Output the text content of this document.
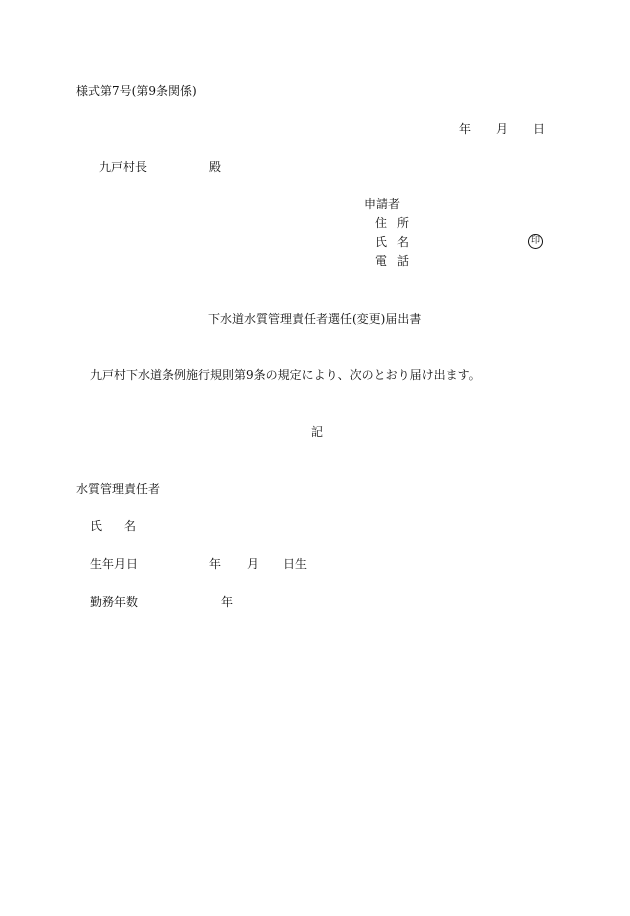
様式第7号(第9条関係)
年 月 日
九戸村長	殿
申請者
住所
氏名	印
電話
下水道水質管理責任者選任(変更)届出書
九戸村下水道条例施行規則第9条の規定により、次のとおり届け出ます。
記
水質管理責任者
氏 名
生年月日	年 月 日生
勤務年数	年
